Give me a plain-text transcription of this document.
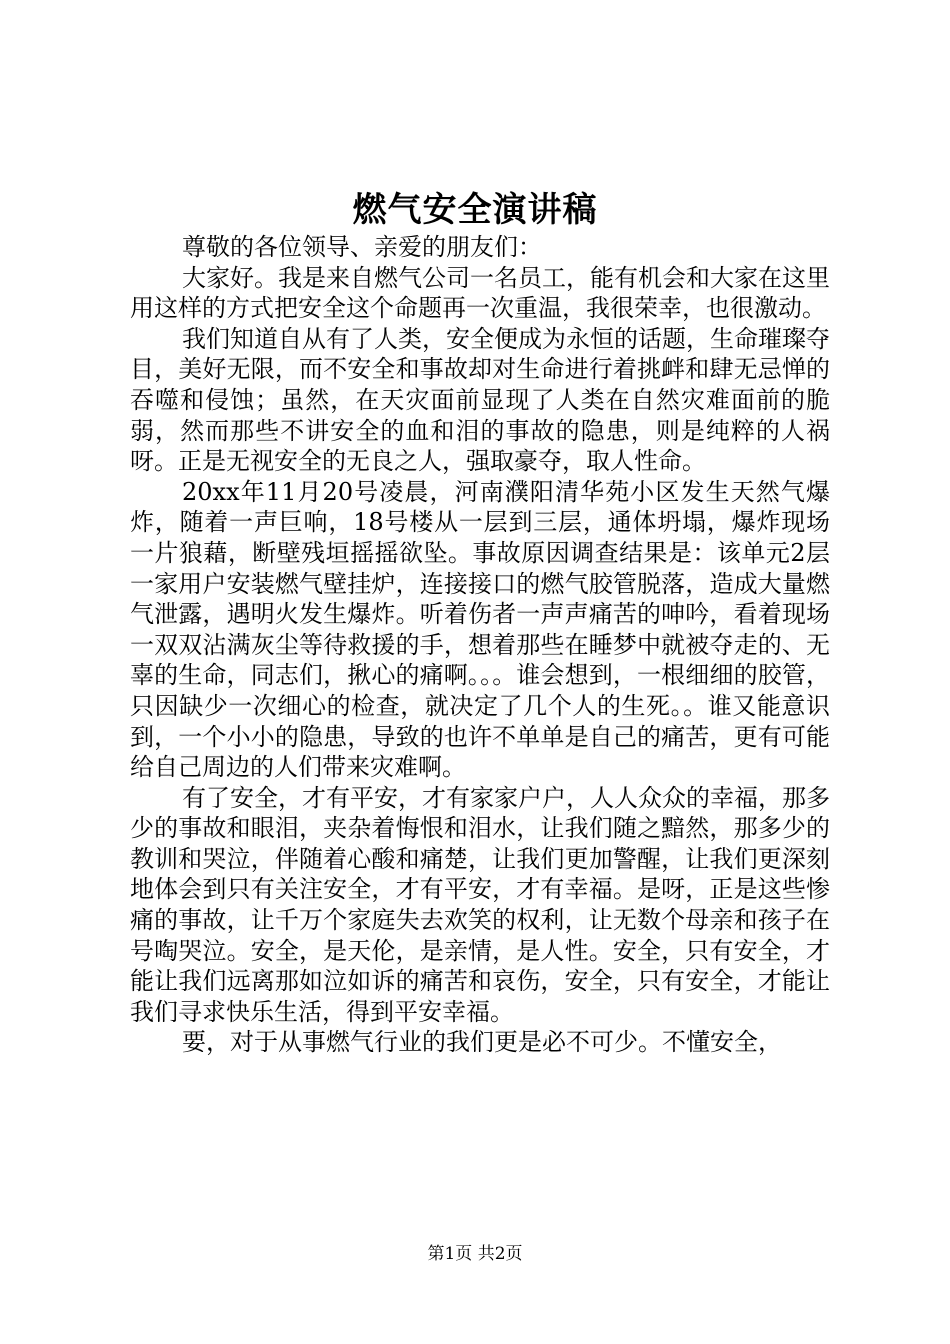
燃气安全演讲稿

尊敬的各位领导、亲爱的朋友们：

大家好。我是来自燃气公司一名员工，能有机会和大家在这里用这样的方式把安全这个命题再一次重温，我很荣幸，也很激动。

我们知道自从有了人类，安全便成为永恒的话题，生命璀璨夺目，美好无限，而不安全和事故却对生命进行着挑衅和肆无忌惮的吞噬和侵蚀；虽然，在天灾面前显现了人类在自然灾难面前的脆弱，然而那些不讲安全的血和泪的事故的隐患，则是纯粹的人祸呀。正是无视安全的无良之人，强取豪夺，取人性命。

20xx年11月20号凌晨，河南濮阳清华苑小区发生天然气爆炸，随着一声巨响，18号楼从一层到三层，通体坍塌，爆炸现场一片狼藉，断壁残垣摇摇欲坠。事故原因调查结果是：该单元2层一家用户安装燃气壁挂炉，连接接口的燃气胶管脱落，造成大量燃气泄露，遇明火发生爆炸。听着伤者一声声痛苦的呻吟，看着现场一双双沾满灰尘等待救援的手，想着那些在睡梦中就被夺走的、无辜的生命，同志们，揪心的痛啊。。。谁会想到，一根细细的胶管，只因缺少一次细心的检查，就决定了几个人的生死。。谁又能意识到，一个小小的隐患，导致的也许不单单是自己的痛苦，更有可能给自己周边的人们带来灾难啊。

有了安全，才有平安，才有家家户户，人人众众的幸福，那多少的事故和眼泪，夹杂着悔恨和泪水，让我们随之黯然，那多少的教训和哭泣，伴随着心酸和痛楚，让我们更加警醒，让我们更深刻地体会到只有关注安全，才有平安，才有幸福。是呀，正是这些惨痛的事故，让千万个家庭失去欢笑的权利，让无数个母亲和孩子在号啕哭泣。安全，是天伦，是亲情，是人性。安全，只有安全，才能让我们远离那如泣如诉的痛苦和哀伤，安全，只有安全，才能让我们寻求快乐生活，得到平安幸福。

要，对于从事燃气行业的我们更是必不可少。不懂安全，

第1页 共2页
